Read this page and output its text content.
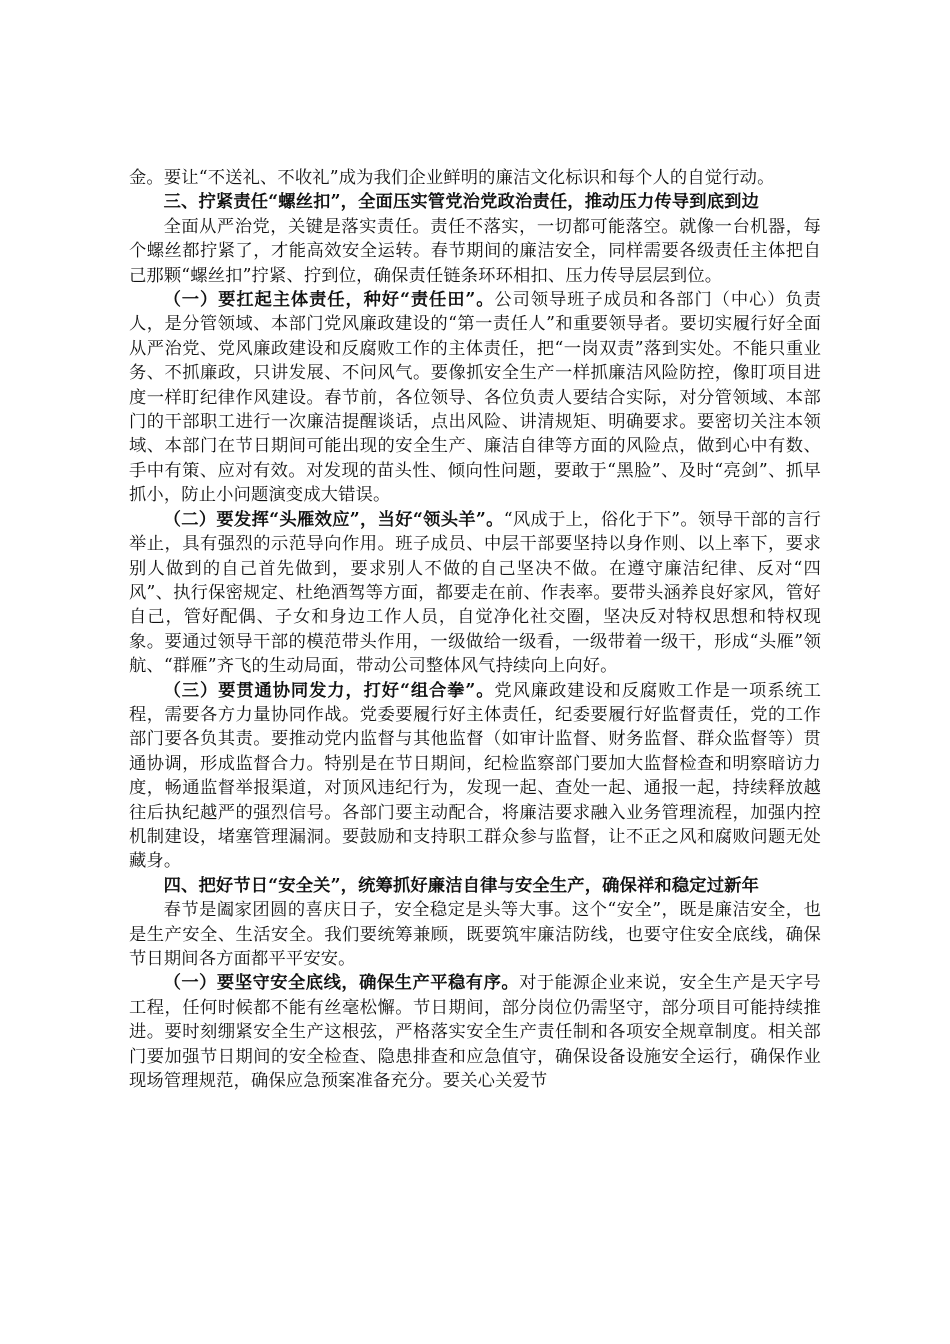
金。要让“不送礼、不收礼”成为我们企业鲜明的廉洁文化标识和每个人的自觉行动。

三、拧紧责任“螺丝扣”，全面压实管党治党政治责任，推动压力传导到底到边

全面从严治党，关键是落实责任。责任不落实，一切都可能落空。就像一台机器，每个螺丝都拧紧了，才能高效安全运转。春节期间的廉洁安全，同样需要各级责任主体把自己那颗“螺丝扣”拧紧、拧到位，确保责任链条环环相扣、压力传导层层到位。

（一）要扛起主体责任，种好“责任田”。公司领导班子成员和各部门（中心）负责人，是分管领域、本部门党风廉政建设的“第一责任人”和重要领导者。要切实履行好全面从严治党、党风廉政建设和反腐败工作的主体责任，把“一岗双责”落到实处。不能只重业务、不抓廉政，只讲发展、不问风气。要像抓安全生产一样抓廉洁风险防控，像盯项目进度一样盯纪律作风建设。春节前，各位领导、各位负责人要结合实际，对分管领域、本部门的干部职工进行一次廉洁提醒谈话，点出风险、讲清规矩、明确要求。要密切关注本领域、本部门在节日期间可能出现的安全生产、廉洁自律等方面的风险点，做到心中有数、手中有策、应对有效。对发现的苗头性、倾向性问题，要敢于“黑脸”、及时“亮剑”、抓早抓小，防止小问题演变成大错误。

（二）要发挥“头雁效应”，当好“领头羊”。“风成于上，俗化于下”。领导干部的言行举止，具有强烈的示范导向作用。班子成员、中层干部要坚持以身作则、以上率下，要求别人做到的自己首先做到，要求别人不做的自己坚决不做。在遵守廉洁纪律、反对“四风”、执行保密规定、杜绝酒驾等方面，都要走在前、作表率。要带头涵养良好家风，管好自己，管好配偶、子女和身边工作人员，自觉净化社交圈，坚决反对特权思想和特权现象。要通过领导干部的模范带头作用，一级做给一级看，一级带着一级干，形成“头雁”领航、“群雁”齐飞的生动局面，带动公司整体风气持续向上向好。

（三）要贯通协同发力，打好“组合拳”。党风廉政建设和反腐败工作是一项系统工程，需要各方力量协同作战。党委要履行好主体责任，纪委要履行好监督责任，党的工作部门要各负其责。要推动党内监督与其他监督（如审计监督、财务监督、群众监督等）贯通协调，形成监督合力。特别是在节日期间，纪检监察部门要加大监督检查和明察暗访力度，畅通监督举报渠道，对顶风违纪行为，发现一起、查处一起、通报一起，持续释放越往后执纪越严的强烈信号。各部门要主动配合，将廉洁要求融入业务管理流程，加强内控机制建设，堵塞管理漏洞。要鼓励和支持职工群众参与监督，让不正之风和腐败问题无处藏身。

四、把好节日“安全关”，统筹抓好廉洁自律与安全生产，确保祥和稳定过新年

春节是阖家团圆的喜庆日子，安全稳定是头等大事。这个“安全”，既是廉洁安全，也是生产安全、生活安全。我们要统筹兼顾，既要筑牢廉洁防线，也要守住安全底线，确保节日期间各方面都平平安安。

（一）要坚守安全底线，确保生产平稳有序。对于能源企业来说，安全生产是天字号工程，任何时候都不能有丝毫松懈。节日期间，部分岗位仍需坚守，部分项目可能持续推进。要时刻绷紧安全生产这根弦，严格落实安全生产责任制和各项安全规章制度。相关部门要加强节日期间的安全检查、隐患排查和应急值守，确保设备设施安全运行，确保作业现场管理规范，确保应急预案准备充分。要关心关爱节
